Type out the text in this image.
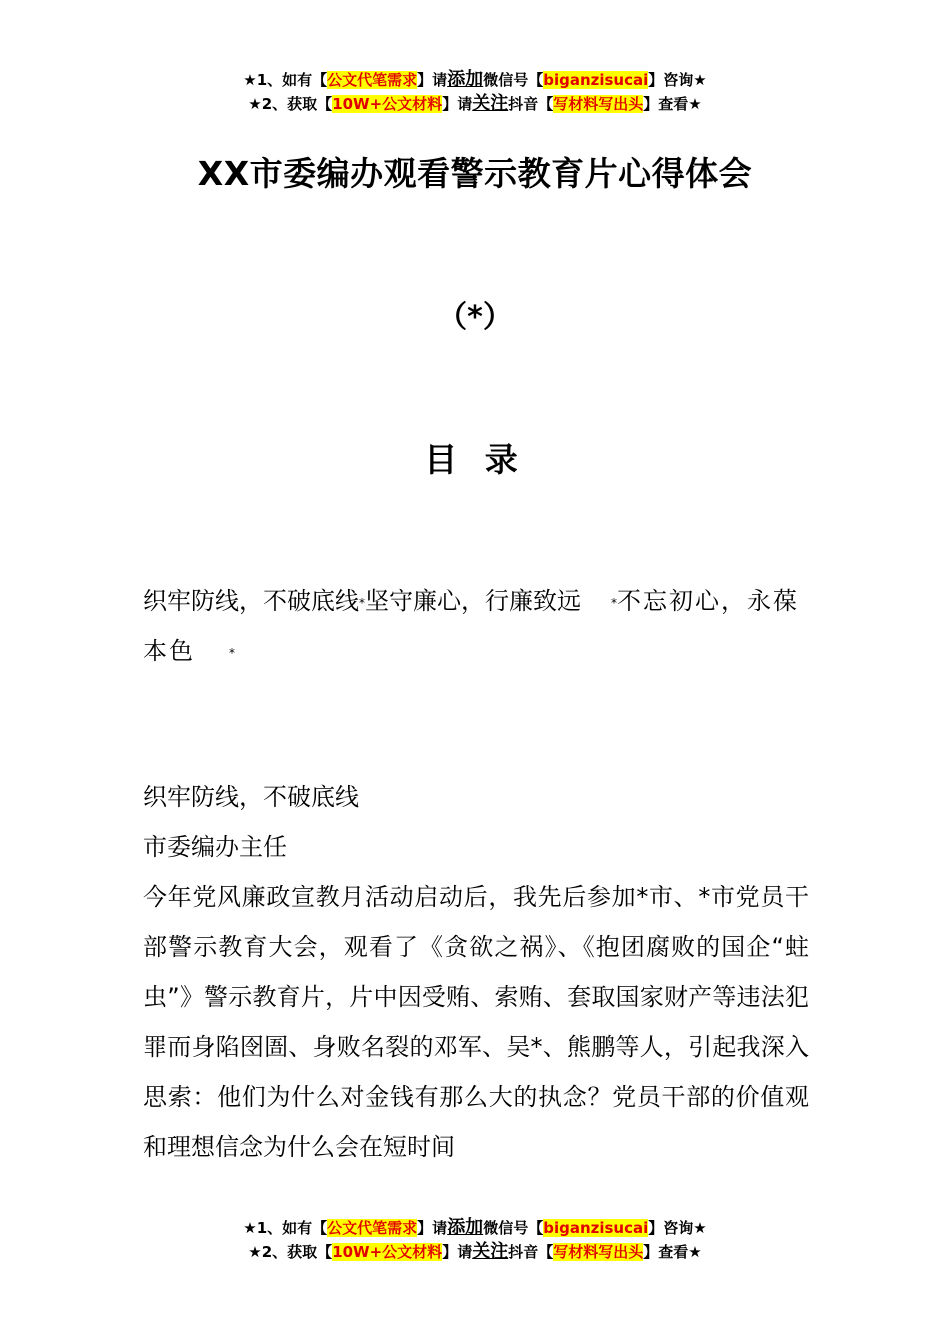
★1、如有【公文代笔需求】请添加微信号【biganzisucai】咨询★
★2、获取【10W+公文材料】请关注抖音【写材料写出头】查看★
XX市委编办观看警示教育片心得体会
（*）
目 录
织牢防线，不破底线*坚守廉心，行廉致远	*不忘初心，永葆本色	*

织牢防线，不破底线

市委编办主任

今年党风廉政宣教月活动启动后，我先后参加*市、*市党员干部警示教育大会，观看了《贪欲之祸》、《抱团腐败的国企“蛀虫”》警示教育片，片中因受贿、索贿、套取国家财产等违法犯罪而身陷囹圄、身败名裂的邓军、吴*、熊鹏等人，引起我深入思索：他们为什么对金钱有那么大的执念？党员干部的价值观和理想信念为什么会在短时间

★1、如有【公文代笔需求】请添加微信号【biganzisucai】咨询★
★2、获取【10W+公文材料】请关注抖音【写材料写出头】查看★
